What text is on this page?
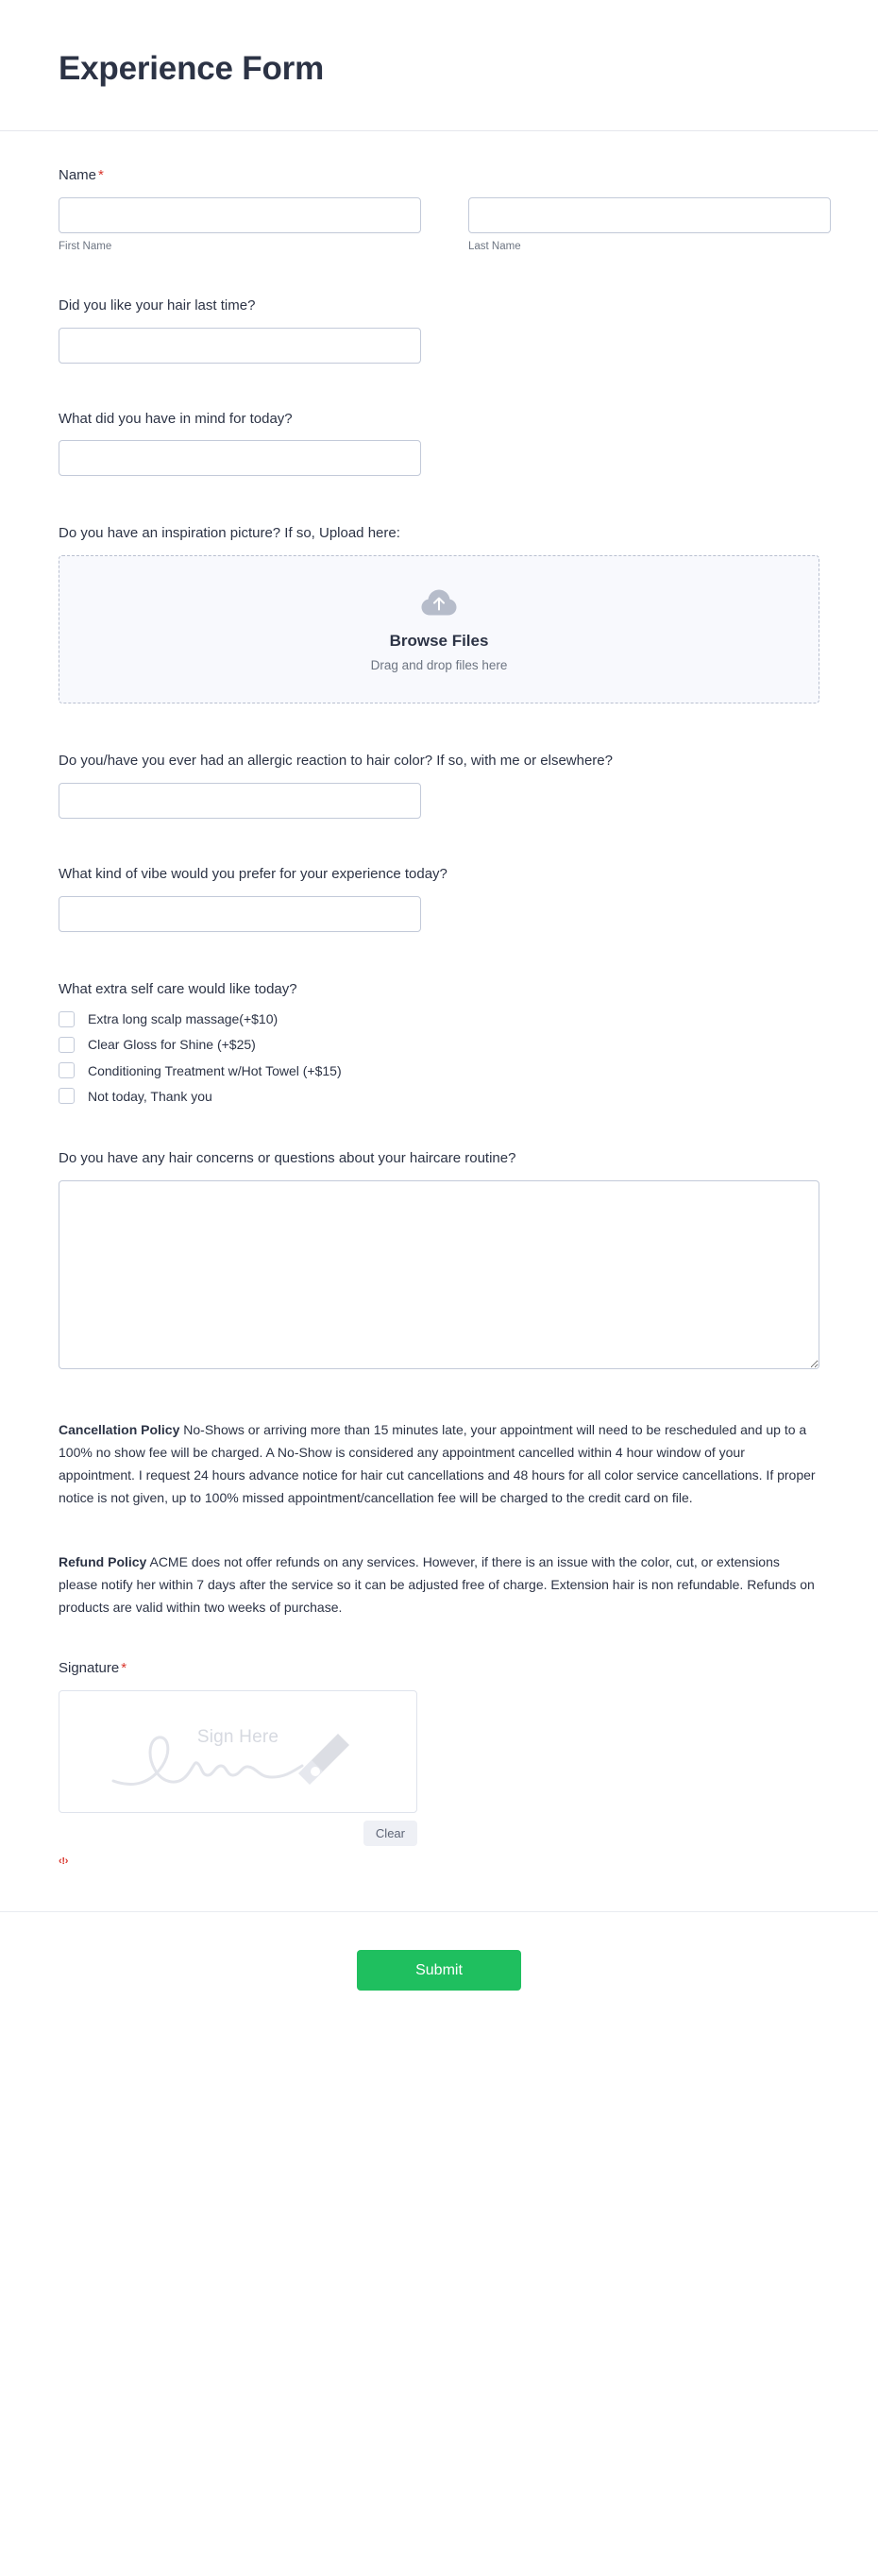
Experience Form
Name *
First Name	Last Name
Did you like your hair last time?
What did you have in mind for today?
Do you have an inspiration picture? If so, Upload here:
Browse Files
Drag and drop files here
Do you/have you ever had an allergic reaction to hair color? If so, with me or elsewhere?
What kind of vibe would you prefer for your experience today?
What extra self care would like today?
Extra long scalp massage(+$10)
Clear Gloss for Shine (+$25)
Conditioning Treatment w/Hot Towel (+$15)
Not today, Thank you
Do you have any hair concerns or questions about your haircare routine?
Cancellation Policy No-Shows or arriving more than 15 minutes late, your appointment will need to be rescheduled and up to a 100% no show fee will be charged. A No-Show is considered any appointment cancelled within 4 hour window of your appointment. I request 24 hours advance notice for hair cut cancellations and 48 hours for all color service cancellations. If proper notice is not given, up to 100% missed appointment/cancellation fee will be charged to the credit card on file.
Refund Policy ACME does not offer refunds on any services. However, if there is an issue with the color, cut, or extensions please notify her within 7 days after the service so it can be adjusted free of charge. Extension hair is non refundable. Refunds on products are valid within two weeks of purchase.
Signature *
Sign Here
Clear
‹!›
Submit
